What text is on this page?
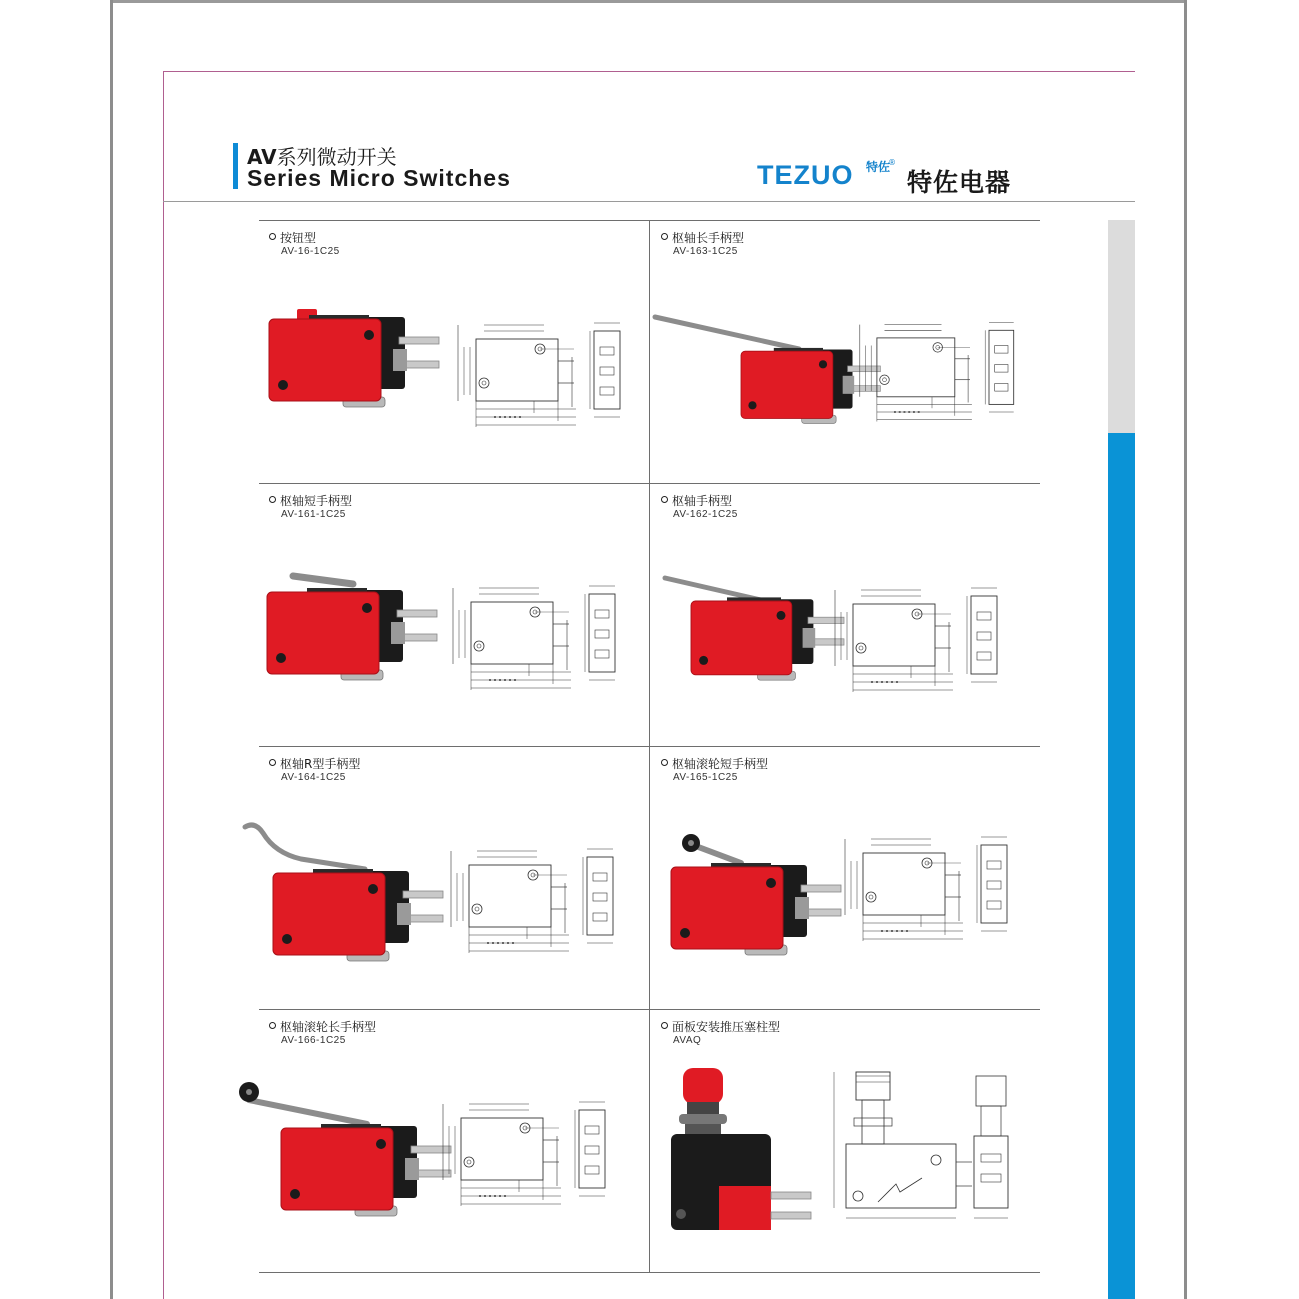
AV系列微动开关
Series Micro Switches	TEZUO 特佐
®
特佐电器
按钮型
AV-16-1C25
枢轴长手柄型
AV-163-1C25
枢轴短手柄型
AV-161-1C25
枢轴手柄型
AV-162-1C25
枢轴R型手柄型
AV-164-1C25
枢轴滚轮短手柄型
AV-165-1C25
枢轴滚轮长手柄型
AV-166-1C25
面板安装推压塞柱型
AVAQ
